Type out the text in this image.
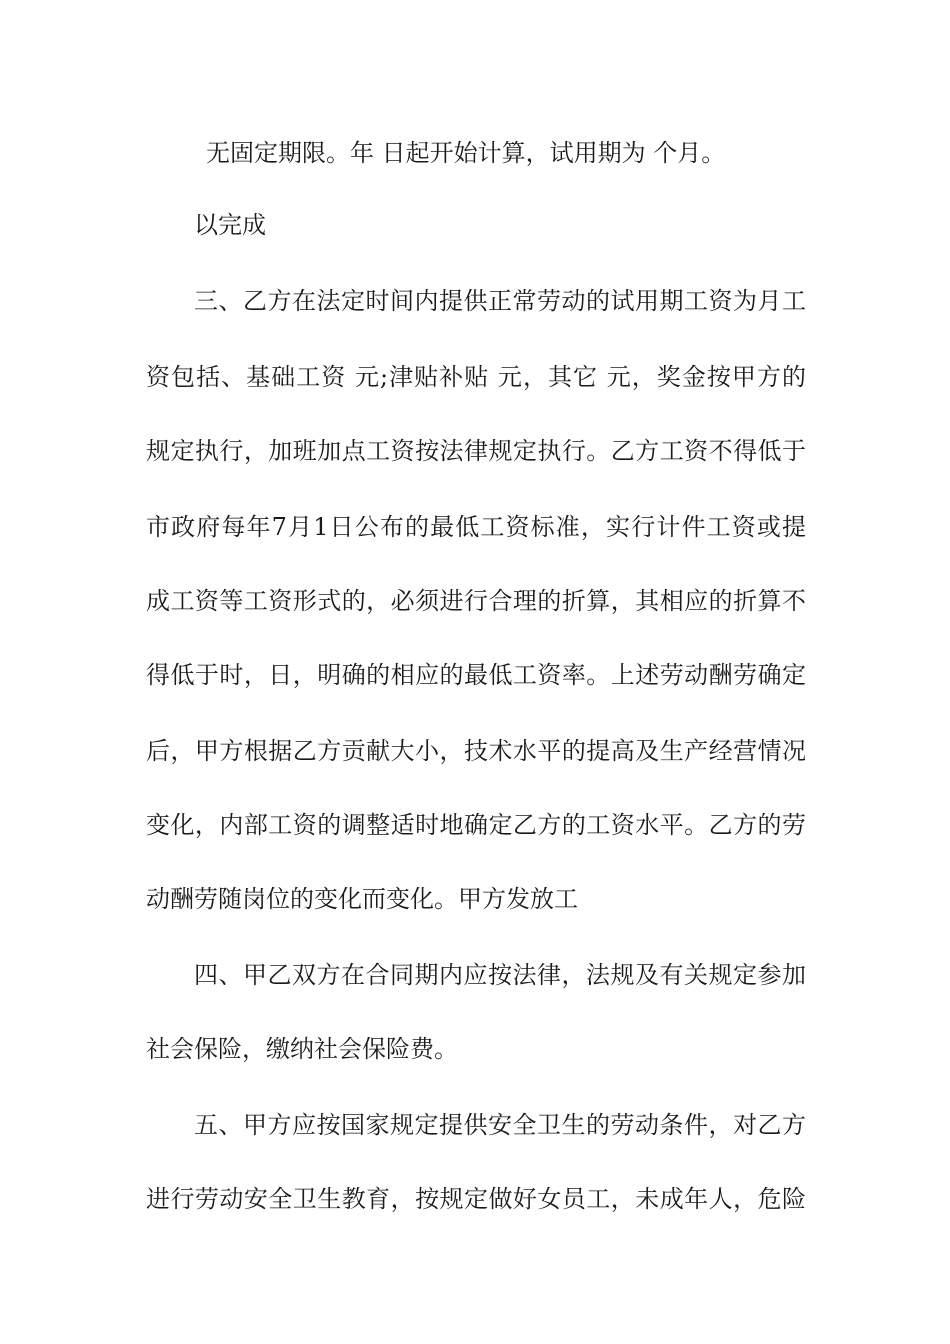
无固定期限。年 日起开始计算，试用期为 个月。
以完成
三、乙方在法定时间内提供正常劳动的试用期工资为月工
资包括、基础工资 元;津贴补贴 元，其它 元，奖金按甲方的
规定执行，加班加点工资按法律规定执行。乙方工资不得低于
市政府每年7月1日公布的最低工资标准，实行计件工资或提
成工资等工资形式的，必须进行合理的折算，其相应的折算不
得低于时，日，明确的相应的最低工资率。上述劳动酬劳确定
后，甲方根据乙方贡献大小，技术水平的提高及生产经营情况
变化，内部工资的调整适时地确定乙方的工资水平。乙方的劳
动酬劳随岗位的变化而变化。甲方发放工
四、甲乙双方在合同期内应按法律，法规及有关规定参加
社会保险，缴纳社会保险费。
五、甲方应按国家规定提供安全卫生的劳动条件，对乙方
进行劳动安全卫生教育，按规定做好女员工，未成年人，危险
